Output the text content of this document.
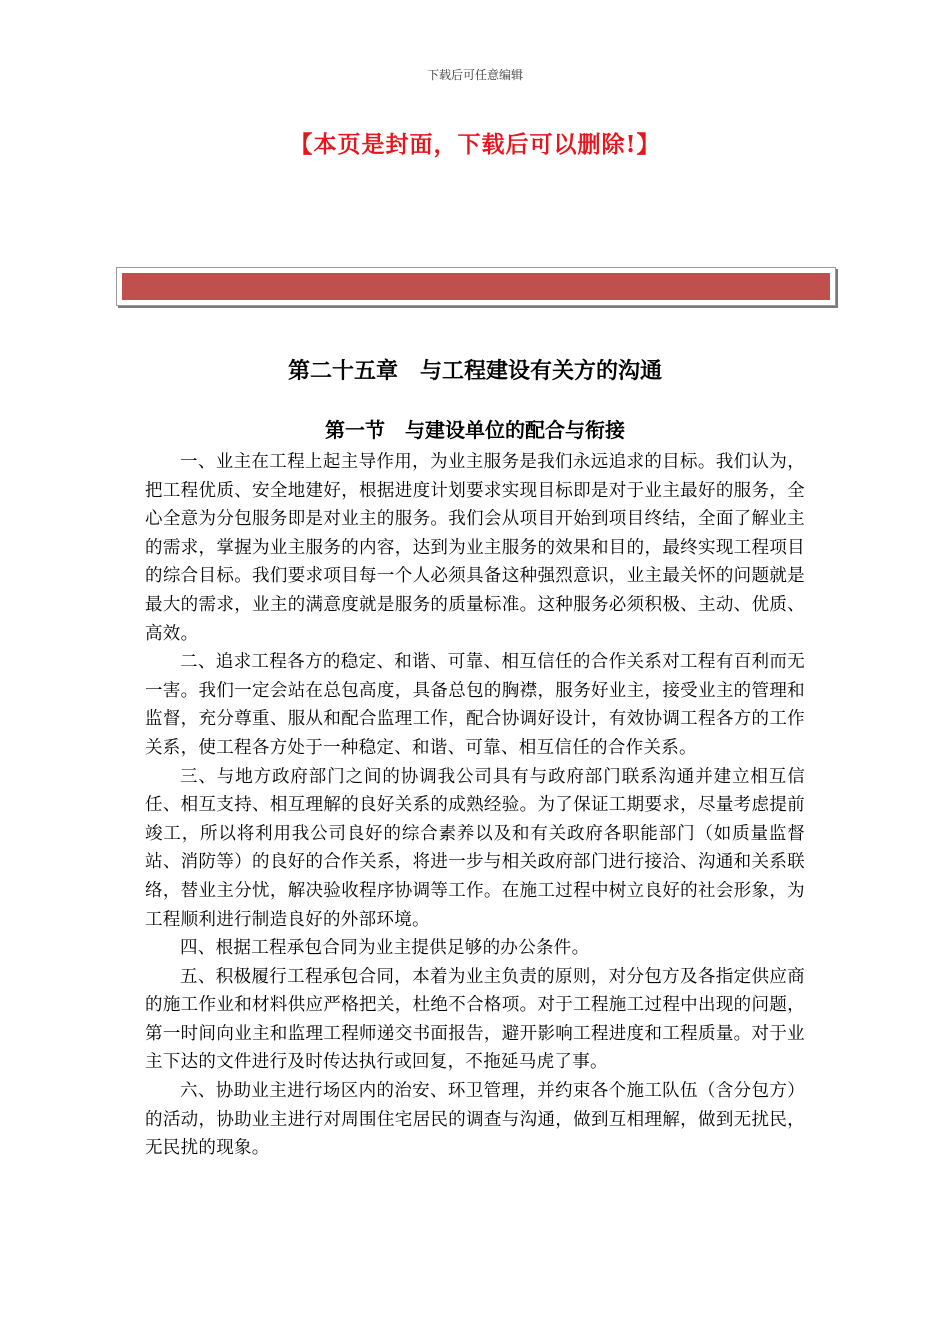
下载后可任意编辑
【本页是封面，下载后可以删除!】
第二十五章　与工程建设有关方的沟通
第一节　与建设单位的配合与衔接

一、业主在工程上起主导作用，为业主服务是我们永远追求的目标。我们认为，把工程优质、安全地建好，根据进度计划要求实现目标即是对于业主最好的服务，全心全意为分包服务即是对业主的服务。我们会从项目开始到项目终结，全面了解业主的需求，掌握为业主服务的内容，达到为业主服务的效果和目的，最终实现工程项目的综合目标。我们要求项目每一个人必须具备这种强烈意识，业主最关怀的问题就是最大的需求，业主的满意度就是服务的质量标准。这种服务必须积极、主动、优质、高效。

二、追求工程各方的稳定、和谐、可靠、相互信任的合作关系对工程有百利而无一害。我们一定会站在总包高度，具备总包的胸襟，服务好业主，接受业主的管理和监督，充分尊重、服从和配合监理工作，配合协调好设计，有效协调工程各方的工作关系，使工程各方处于一种稳定、和谐、可靠、相互信任的合作关系。

三、与地方政府部门之间的协调我公司具有与政府部门联系沟通并建立相互信任、相互支持、相互理解的良好关系的成熟经验。为了保证工期要求，尽量考虑提前竣工，所以将利用我公司良好的综合素养以及和有关政府各职能部门（如质量监督站、消防等）的良好的合作关系，将进一步与相关政府部门进行接洽、沟通和关系联络，替业主分忧，解决验收程序协调等工作。在施工过程中树立良好的社会形象，为工程顺利进行制造良好的外部环境。

四、根据工程承包合同为业主提供足够的办公条件。

五、积极履行工程承包合同，本着为业主负责的原则，对分包方及各指定供应商的施工作业和材料供应严格把关，杜绝不合格项。对于工程施工过程中出现的问题，第一时间向业主和监理工程师递交书面报告，避开影响工程进度和工程质量。对于业主下达的文件进行及时传达执行或回复，不拖延马虎了事。

六、协助业主进行场区内的治安、环卫管理，并约束各个施工队伍（含分包方）的活动，协助业主进行对周围住宅居民的调查与沟通，做到互相理解，做到无扰民，无民扰的现象。
